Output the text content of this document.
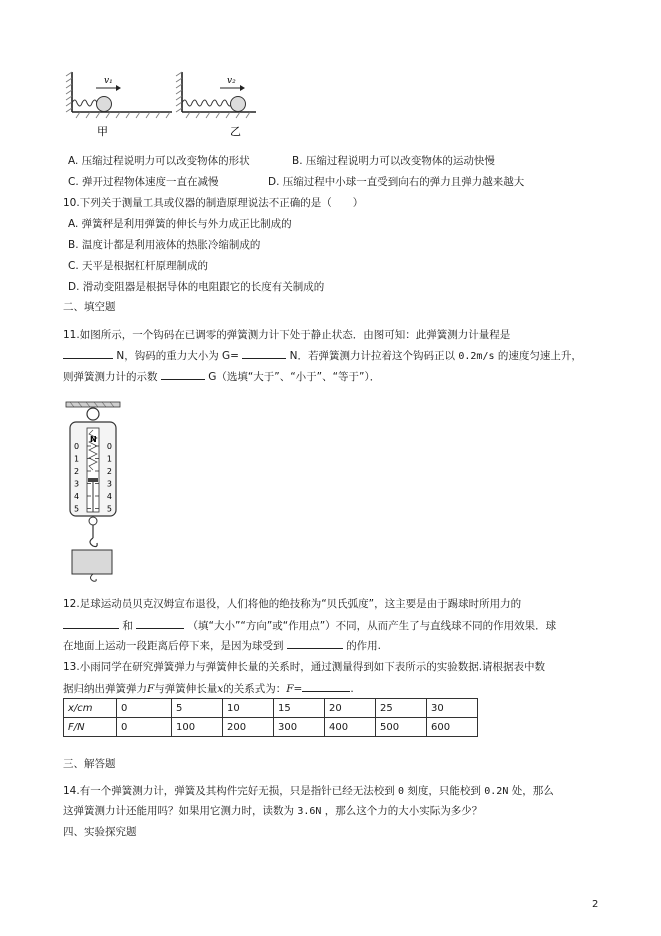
v₁
甲
v₂
乙
A. 压缩过程说明力可以改变物体的形状	B. 压缩过程说明力可以改变物体的运动快慢
C. 弹开过程物体速度一直在减慢	D. 压缩过程中小球一直受到向右的弹力且弹力越来越大
10.下列关于测量工具或仪器的制造原理说法不正确的是（　　）
A. 弹簧秤是利用弹簧的伸长与外力成正比制成的
B. 温度计都是利用液体的热胀冷缩制成的
C. 天平是根据杠杆原理制成的
D. 滑动变阻器是根据导体的电阻跟它的长度有关制成的
二、填空题
11.如图所示，一个钩码在已调零的弹簧测力计下处于静止状态．由图可知：此弹簧测力计量程是
N，钩码的重力大小为 G=	N．若弹簧测力计拉着这个钩码正以 0.2m/s 的速度匀速上升，
则弹簧测力计的示数	G（选填“大于”、“小于”、“等于”）．
N
0	0
1	1
2	2
3	3
4	4
5	5
12.足球运动员贝克汉姆宣布退役，人们将他的绝技称为“贝氏弧度”，这主要是由于踢球时所用力的
和	（填“大小”“方向”或“作用点”）不同，从而产生了与直线球不同的作用效果．球
在地面上运动一段距离后停下来，是因为球受到	的作用.
13.小雨同学在研究弹簧弹力与弹簧伸长量的关系时，通过测量得到如下表所示的实验数据.请根据表中数
据归纳出弹簧弹力F与弹簧伸长量x的关系式为：F=	.
x/cm	0	5	10	15	20	25	30
F/N	0	100	200	300	400	500	600
三、解答题
14.有一个弹簧测力计，弹簧及其构件完好无损，只是指针已经无法校到 0 刻度，只能校到 0.2N 处，那么
这弹簧测力计还能用吗？如果用它测力时，读数为 3.6N ，那么这个力的大小实际为多少？
四、实验探究题
2
